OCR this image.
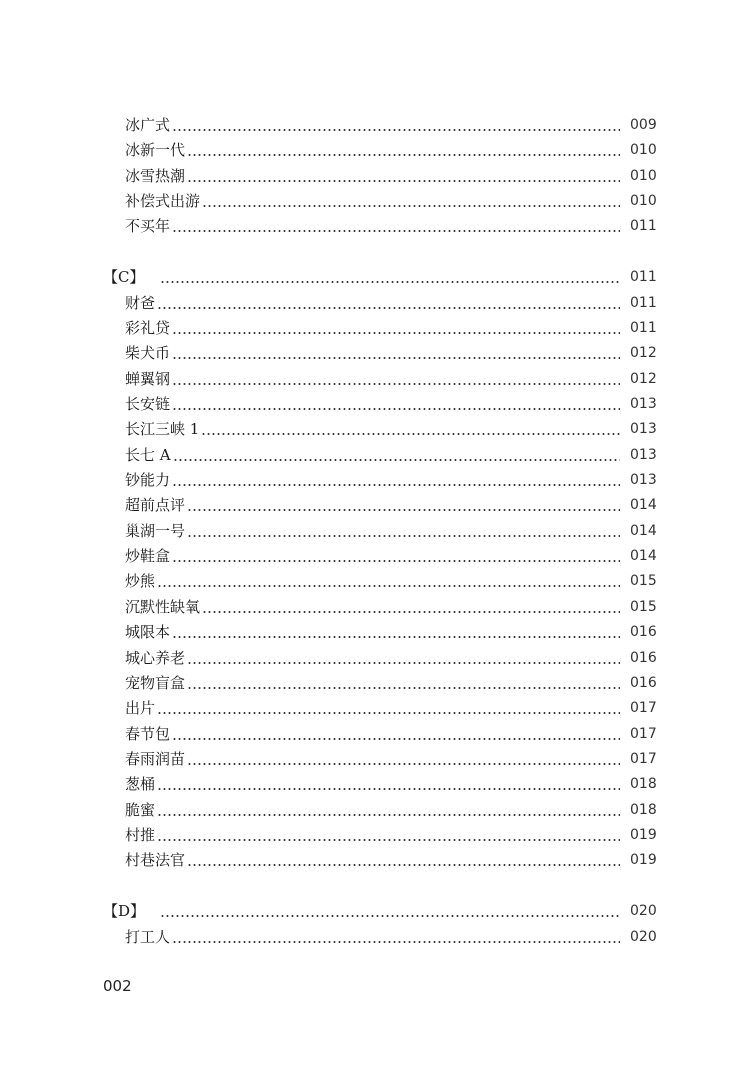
冰广式	009
冰新一代	010
冰雪热潮	010
补偿式出游	010
不买年	011
【C】	011
财爸	011
彩礼贷	011
柴犬币	012
蝉翼钢	012
长安链	013
长江三峡 1	013
长七 A	013
钞能力	013
超前点评	014
巢湖一号	014
炒鞋盒	014
炒熊	015
沉默性缺氧	015
城限本	016
城心养老	016
宠物盲盒	016
出片	017
春节包	017
春雨润苗	017
葱桶	018
脆蜜	018
村推	019
村巷法官	019
【D】	020
打工人	020
002
